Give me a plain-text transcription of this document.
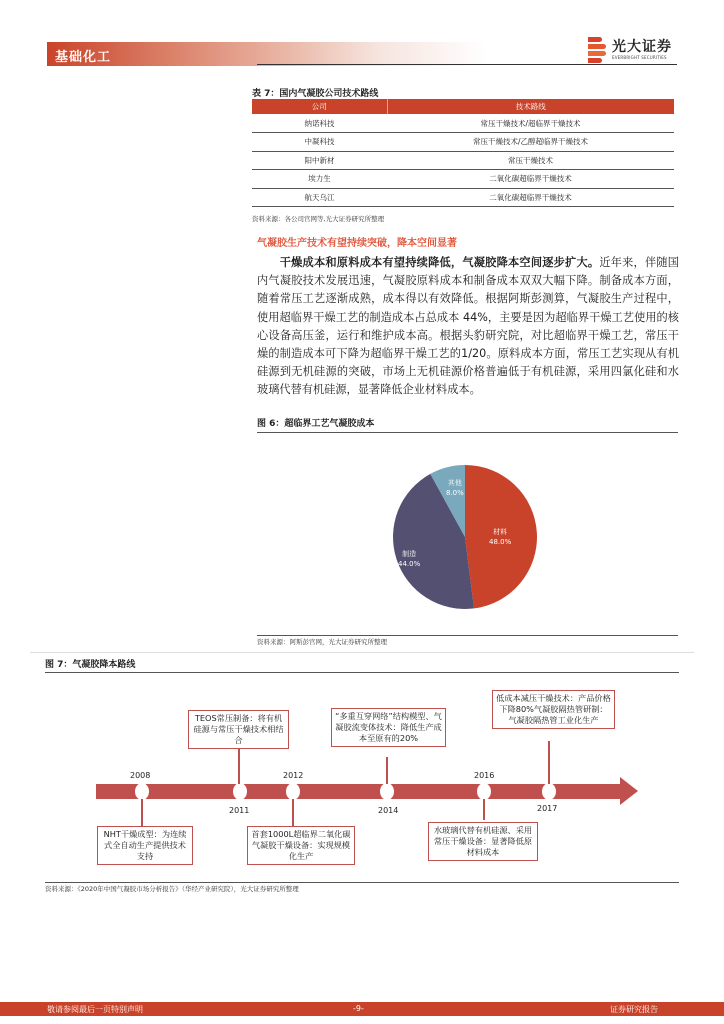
基础化工
光大证券
EVERBRIGHT SECURITIES
表 7：国内气凝胶公司技术路线
公司	技术路线
纳诺科技	常压干燥技术/超临界干燥技术
中凝科技	常压干燥技术/乙醇超临界干燥技术
阳中新材	常压干燥技术
埃力生	二氧化碳超临界干燥技术
航天乌江	二氧化碳超临界干燥技术
资料来源：各公司官网等,光大证券研究所整理
气凝胶生产技术有望持续突破，降本空间显著
干燥成本和原料成本有望持续降低，气凝胶降本空间逐步扩大。近年来，伴随国内气凝胶技术发展迅速，气凝胶原料成本和制备成本双双大幅下降。制备成本方面，随着常压工艺逐渐成熟，成本得以有效降低。根据阿斯彭测算，气凝胶生产过程中，使用超临界干燥工艺的制造成本占总成本 44%，主要是因为超临界干燥工艺使用的核心设备高压釜，运行和维护成本高。根据头豹研究院，对比超临界干燥工艺，常压干燥的制造成本可下降为超临界干燥工艺的1/20。原料成本方面，常压工艺实现从有机硅源到无机硅源的突破，市场上无机硅源价格普遍低于有机硅源，采用四氯化硅和水玻璃代替有机硅源，显著降低企业材料成本。
图 6：超临界工艺气凝胶成本
材料
48.0%
制造
44.0%
其他
8.0%
资料来源：阿斯彭官网，光大证券研究所整理
图 7：气凝胶降本路线
2008
2011
2012
2014
2016
2017
NHT干燥成型：为连续式全自动生产提供技术支持
TEOS常压制备：将有机硅源与常压干燥技术相结合
首套1000L超临界二氧化碳气凝胶干燥设备：实现规模化生产
“多重互穿网络”结构模型、气凝胶流变体技术：降低生产成本至原有的20%
水玻璃代替有机硅源、采用常压干燥设备：显著降低原材料成本
低成本减压干燥技术：产品价格下降80%气凝胶隔热管研制：气凝胶隔热管工业化生产
资料来源：《2020年中国气凝胶市场分析报告》（华经产业研究院），光大证券研究所整理
敬请参阅最后一页特别声明	-9-	证券研究报告
